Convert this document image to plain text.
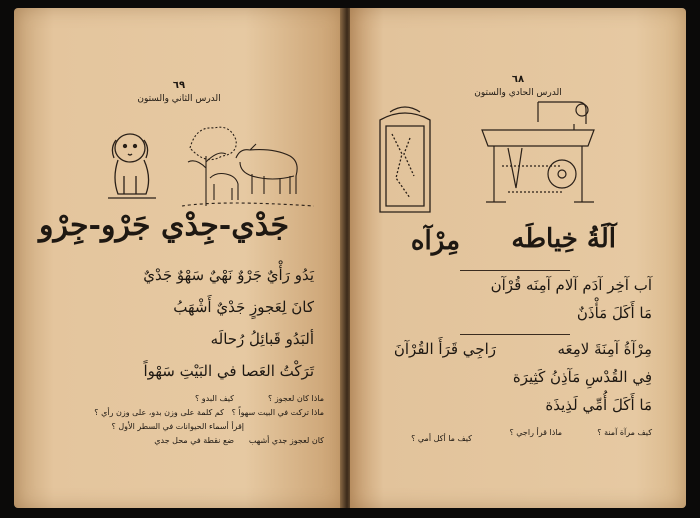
٦٩
الدرس الثاني والستون
جَدْي-جِدْي جَرْو-جِرْو
يَدُو رَأْيٌ جَرْوٌ نَهْيٌ سَهْوٌ جَدْيٌ
كانَ لِعَجوزٍ جَدْيٌ أَشْهَبُ
ألبَدُو قَبائِلُ رُحالَه
تَرَكْتُ العَصا في البَيْتِ سَهْواً
كيف البدو ؟
كم كلمة على وزن بدو، على وزن رأي ؟
إقرأ أسماء الحيوانات في السطر الأول ؟
ضع نقطة في محل جدي
ماذا كان لعجوز ؟
ماذا تركت في البيت سهواً ؟
كان لعجوز جدي أشهب
٦٨
الدرس الحادي والستون
آلَةُ خِياطَه
مِرْآه
آب آخِر آدَم آلام آمِنَه قُرْآن
مَا أَكَلَ مَأْذَنٌ
مِرْآةُ آمِنَةَ لامِعَه
رَاجِي قَرَأَ القُرْآنَ
فِي القُدْسِ مَآذِنُ كَثِيرَة
مَا أَكَلَ أُمِّي لَذِيذَة
كيف مرآة آمنة ؟
ماذا قرأ راجي ؟
كيف ما أكل أمي ؟
